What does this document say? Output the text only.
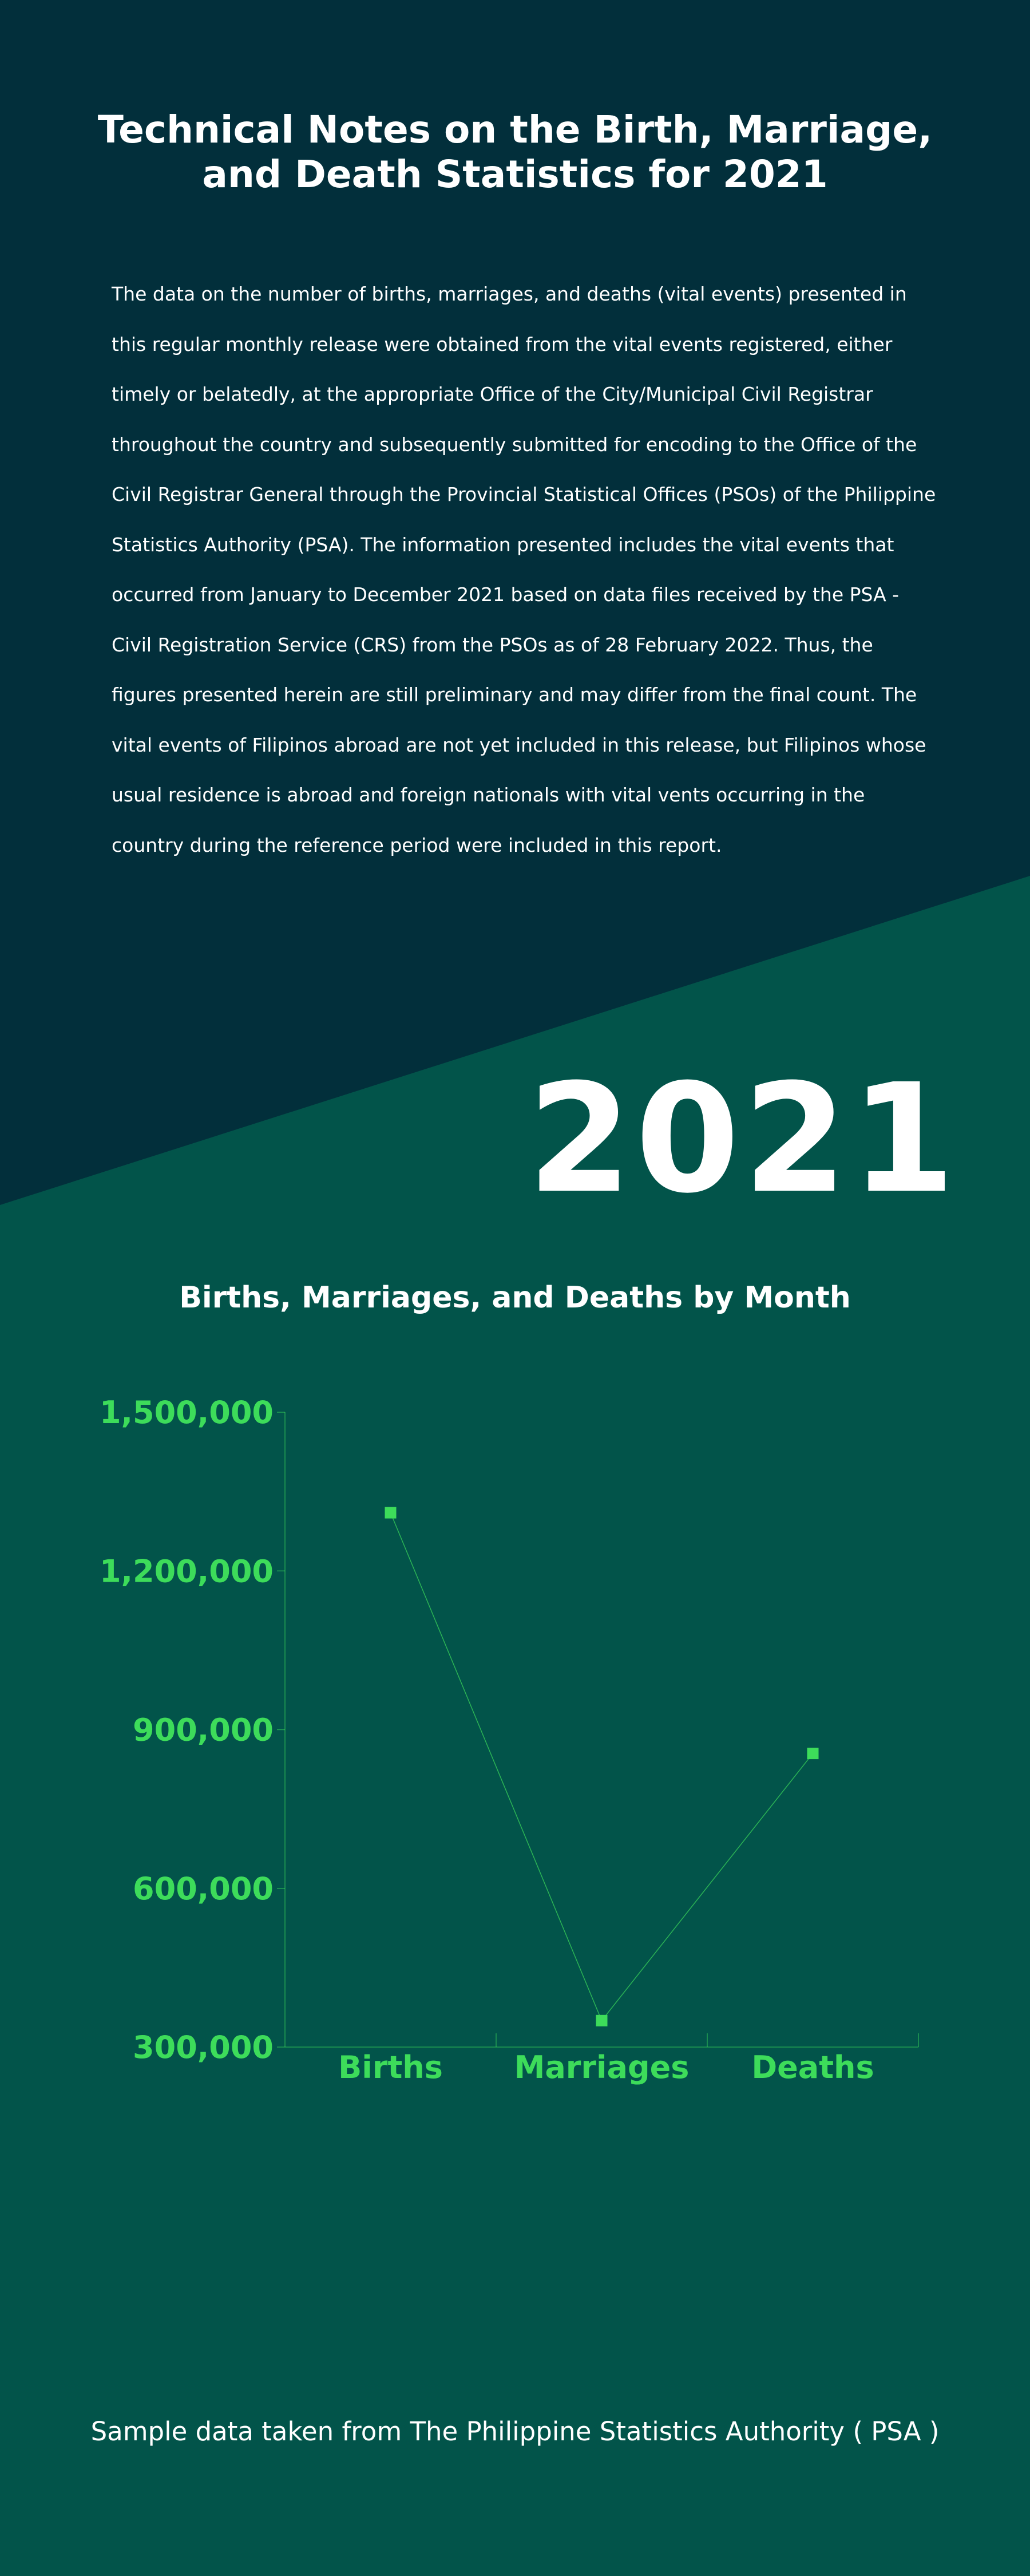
Technical Notes on the Birth, Marriage,
and Death Statistics for 2021

The data on the number of births, marriages, and deaths (vital events) presented in this regular monthly release were obtained from the vital events registered, either timely or belatedly, at the appropriate Office of the City/Municipal Civil Registrar throughout the country and subsequently submitted for encoding to the Office of the Civil Registrar General through the Provincial Statistical Offices (PSOs) of the Philippine Statistics Authority (PSA). The information presented includes the vital events that occurred from January to December 2021 based on data files received by the PSA - Civil Registration Service (CRS) from the PSOs as of 28 February 2022. Thus, the figures presented herein are still preliminary and may differ from the final count. The vital events of Filipinos abroad are not yet included in this release, but Filipinos whose usual residence is abroad and foreign nationals with vital vents occurring in the country during the reference period were included in this report.

2021
Births, Marriages, and Deaths by Month
300,000
600,000
900,000
1,200,000
1,500,000
Births Marriages Deaths

Sample data taken from The Philippine Statistics Authority ( PSA )
